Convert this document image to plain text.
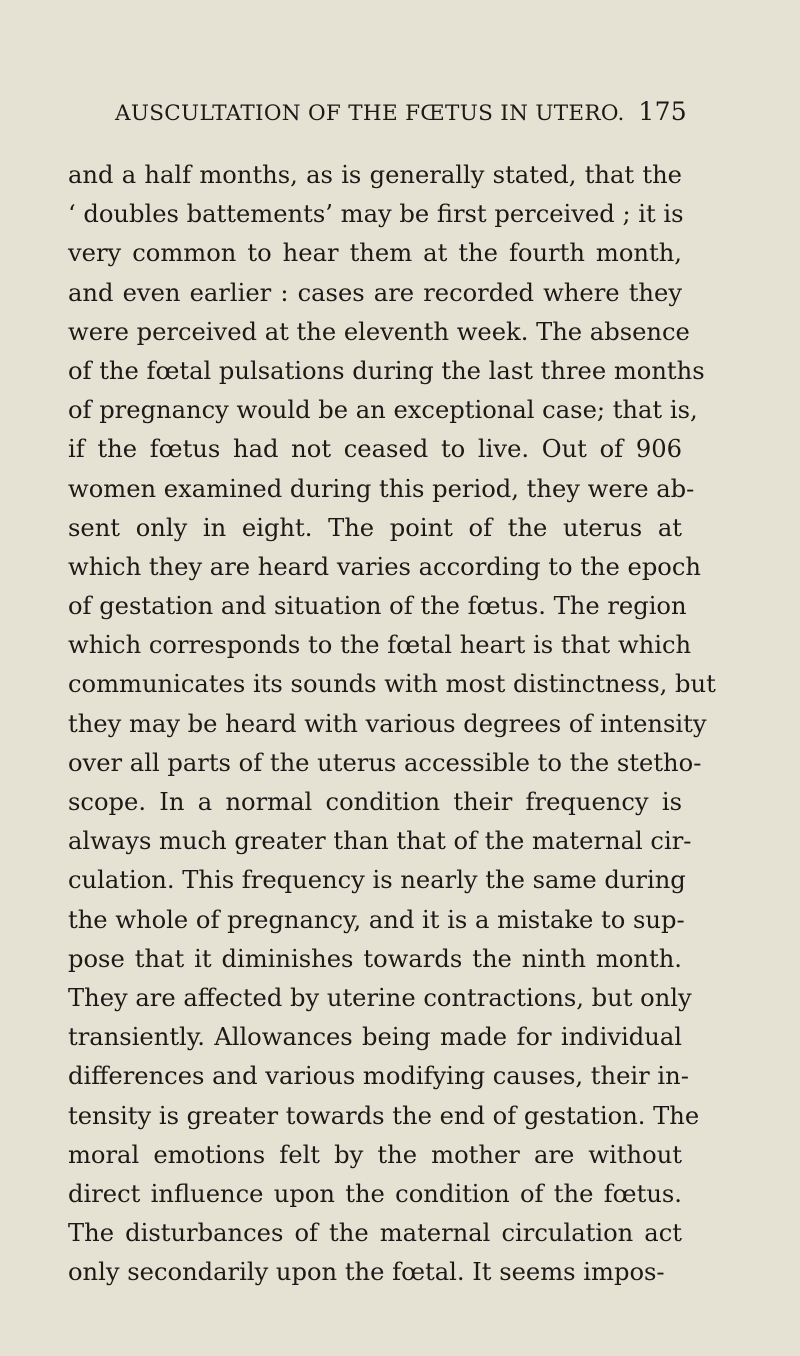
AUSCULTATION OF THE FŒTUS IN UTERO. 175
and a half months, as is generally stated, that the
‘ doubles battements’ may be first perceived ; it is
very common to hear them at the fourth month,
and even earlier : cases are recorded where they
were perceived at the eleventh week. The absence
of the fœtal pulsations during the last three months
of pregnancy would be an exceptional case; that is,
if the fœtus had not ceased to live. Out of 906
women examined during this period, they were ab-
sent only in eight. The point of the uterus at
which they are heard varies according to the epoch
of gestation and situation of the fœtus. The region
which corresponds to the fœtal heart is that which
communicates its sounds with most distinctness, but
they may be heard with various degrees of intensity
over all parts of the uterus accessible to the stetho-
scope. In a normal condition their frequency is
always much greater than that of the maternal cir-
culation. This frequency is nearly the same during
the whole of pregnancy, and it is a mistake to sup-
pose that it diminishes towards the ninth month.
They are affected by uterine contractions, but only
transiently. Allowances being made for individual
differences and various modifying causes, their in-
tensity is greater towards the end of gestation. The
moral emotions felt by the mother are without
direct influence upon the condition of the fœtus.
The disturbances of the maternal circulation act
only secondarily upon the fœtal. It seems impos-
